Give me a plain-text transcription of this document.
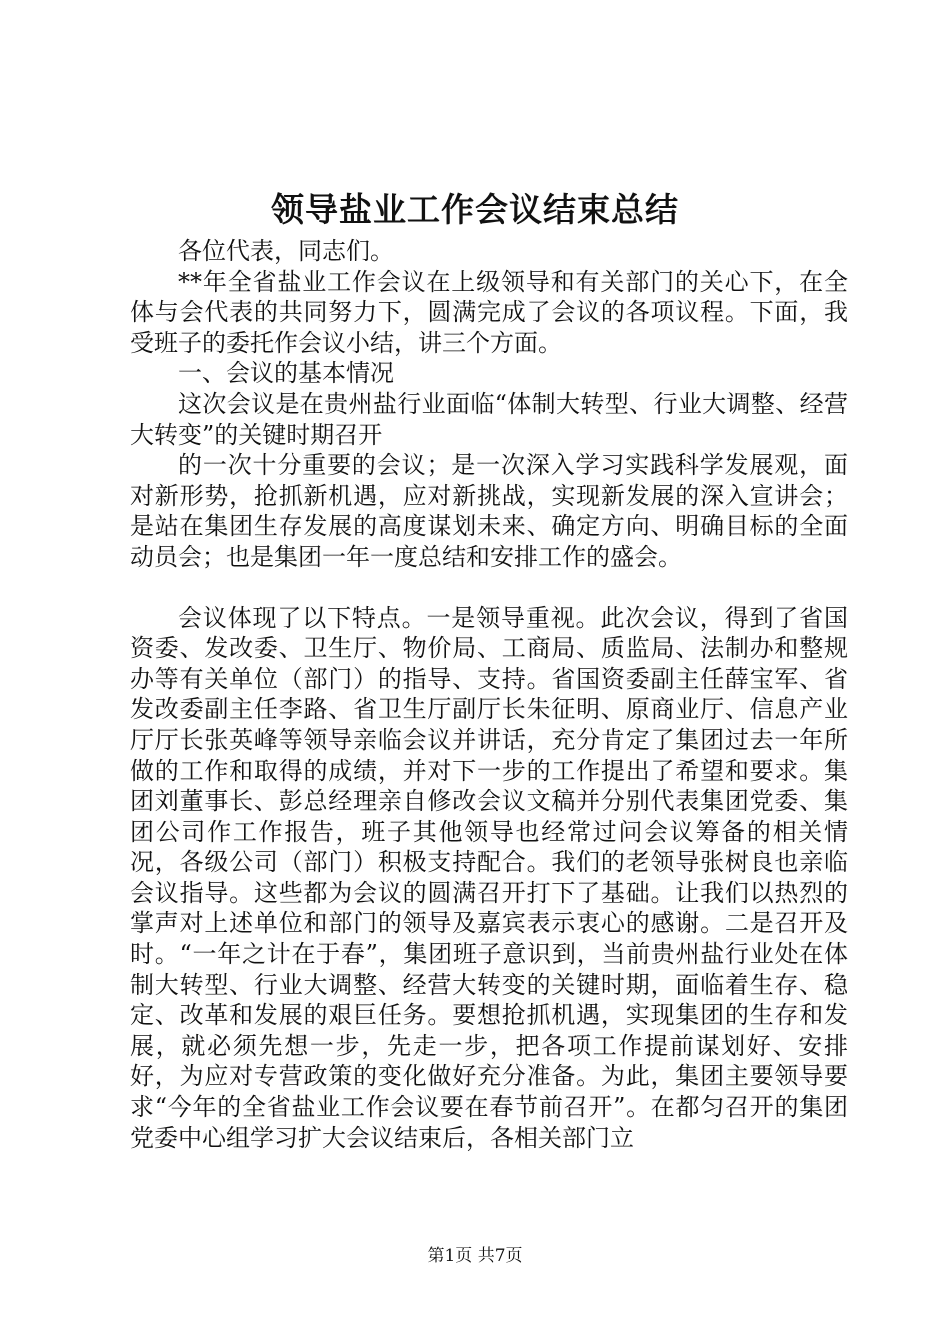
领导盐业工作会议结束总结

各位代表，同志们。

**年全省盐业工作会议在上级领导和有关部门的关心下，在全体与会代表的共同努力下，圆满完成了会议的各项议程。下面，我受班子的委托作会议小结，讲三个方面。

一、会议的基本情况

这次会议是在贵州盐行业面临“体制大转型、行业大调整、经营大转变”的关键时期召开

的一次十分重要的会议；是一次深入学习实践科学发展观，面对新形势，抢抓新机遇，应对新挑战，实现新发展的深入宣讲会；是站在集团生存发展的高度谋划未来、确定方向、明确目标的全面动员会；也是集团一年一度总结和安排工作的盛会。

会议体现了以下特点。一是领导重视。此次会议，得到了省国资委、发改委、卫生厅、物价局、工商局、质监局、法制办和整规办等有关单位（部门）的指导、支持。省国资委副主任薛宝军、省发改委副主任李路、省卫生厅副厅长朱征明、原商业厅、信息产业厅厅长张英峰等领导亲临会议并讲话，充分肯定了集团过去一年所做的工作和取得的成绩，并对下一步的工作提出了希望和要求。集团刘董事长、彭总经理亲自修改会议文稿并分别代表集团党委、集团公司作工作报告，班子其他领导也经常过问会议筹备的相关情况，各级公司（部门）积极支持配合。我们的老领导张树良也亲临会议指导。这些都为会议的圆满召开打下了基础。让我们以热烈的掌声对上述单位和部门的领导及嘉宾表示衷心的感谢。二是召开及时。“一年之计在于春”，集团班子意识到，当前贵州盐行业处在体制大转型、行业大调整、经营大转变的关键时期，面临着生存、稳定、改革和发展的艰巨任务。要想抢抓机遇，实现集团的生存和发展，就必须先想一步，先走一步，把各项工作提前谋划好、安排好，为应对专营政策的变化做好充分准备。为此，集团主要领导要求“今年的全省盐业工作会议要在春节前召开”。在都匀召开的集团党委中心组学习扩大会议结束后，各相关部门立

第1页 共7页
